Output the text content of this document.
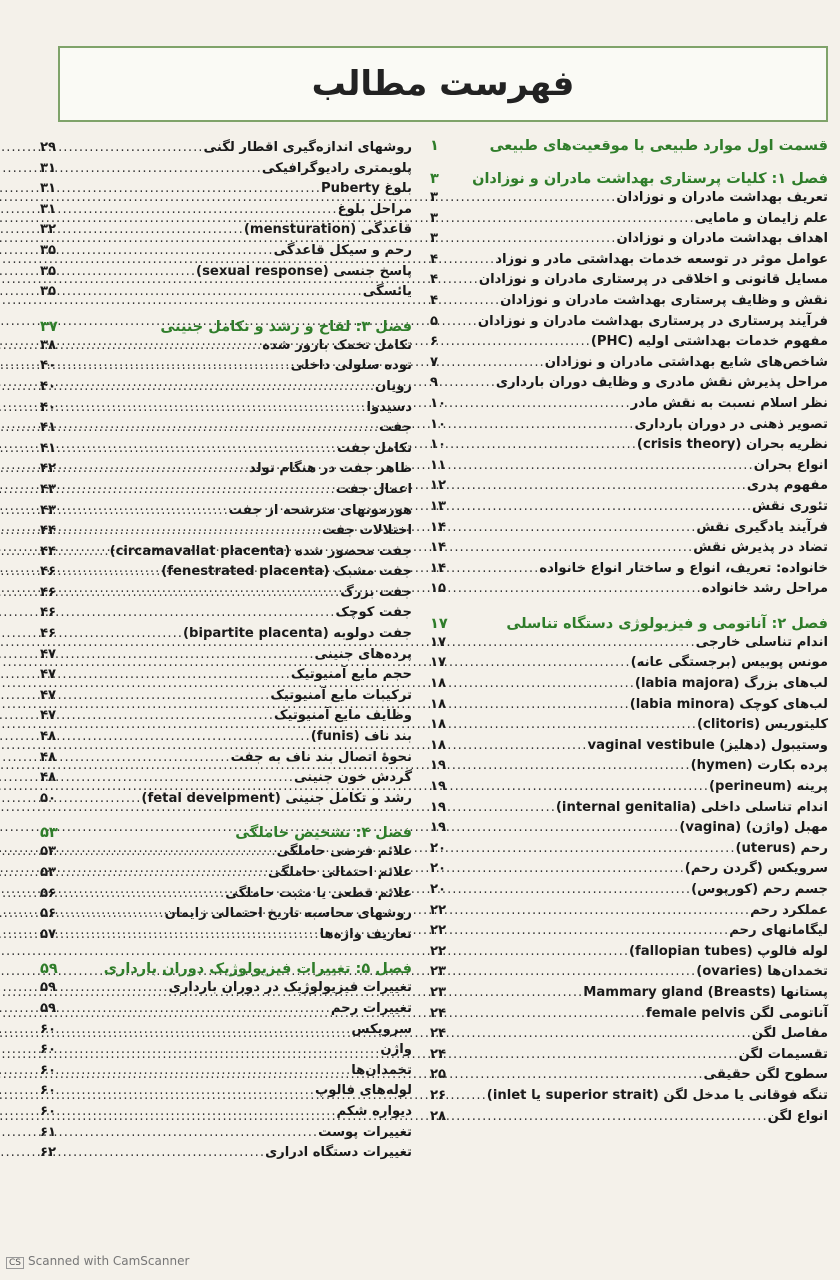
فهرست مطالب
قسمت اول موارد طبیعی با موقعیت‌های طبیعی
۱
فصل ۱: کلیات پرستاری بهداشت مادران و نوزادان
۳
تعریف بهداشت مادران و نوزادان
.....
۳
علم زایمان و مامایی
.....
۳
اهداف بهداشت مادران و نوزادان
.....
۳
عوامل موثر در توسعه خدمات بهداشتی مادر و نوزاد
.....
۴
مسایل قانونی و اخلاقی در پرستاری مادران و نوزادان
.....
۴
نقش و وظایف پرستاری بهداشت مادران و نوزادان
.....
۴
فرآیند پرستاری در پرستاری بهداشت مادران و نوزادان
.....
۵
مفهوم خدمات بهداشتی اولیه (PHC)
.....
۶
شاخص‌های شایع بهداشتی مادران و نوزادان
.....
۷
مراحل پذیرش نقش مادری و وظایف دوران بارداری
.....
۹
نظر اسلام نسبت به نقش مادر
.....
۱۰
تصویر ذهنی در دوران بارداری
.....
۱۰
نظریه بحران (crisis theory)
.....
۱۰
انواع بحران
.....
۱۱
مفهوم پدری
.....
۱۲
تئوری نقش
.....
۱۳
فرآیند یادگیری نقش
.....
۱۴
تضاد در پذیرش نقش
.....
۱۴
خانواده: تعریف، انواع و ساختار انواع خانواده
.....
۱۴
مراحل رشد خانواده
.....
۱۵
فصل ۲: آناتومی و فیزیولوژی دستگاه تناسلی
۱۷
اندام تناسلی خارجی
.....
۱۷
مونس پوبیس (برجستگی عانه)
.....
۱۷
لب‌های بزرگ (labia majora)
.....
۱۸
لب‌های کوچک (labia minora)
.....
۱۸
کلیتوریس (clitoris)
.....
۱۸
وستیبول (دهلیز) vaginal vestibule
.....
۱۸
پرده بکارت (hymen)
.....
۱۹
پرینه (perineum)
.....
۱۹
اندام تناسلی داخلی (internal genitalia)
.....
۱۹
مهبل (واژن) (vagina)
.....
۱۹
رحم (uterus)
.....
۲۰
سرویکس (گردن رحم)
.....
۲۰
جسم رحم (کورپوس)
.....
۲۰
عملکرد رحم
.....
۲۲
لیگامانهای رحم
.....
۲۲
لوله فالوپ (fallopian tubes)
.....
۲۲
تخمدان‌ها (ovaries)
.....
۲۳
پستانها (Mammary gland (Breasts
.....
۲۳
آناتومی لگن female pelvis
.....
۲۴
مفاصل لگن
.....
۲۴
تقسیمات لگن
.....
۲۴
سطوح لگن حقیقی
.....
۲۵
تنگه فوقانی یا مدخل لگن (superior strait یا inlet)
.....
۲۶
انواع لگن
.....
۲۸
روشهای اندازه‌گیری اقطار لگنی
.....
۲۹
پلویمتری رادیوگرافیکی
.....
۳۱
بلوغ Puberty
.....
۳۱
مراحل بلوغ
.....
۳۱
قاعدگی (mensturation)
.....
۳۲
رحم و سیکل قاعدگی
.....
۳۵
پاسخ جنسی (sexual response)
.....
۳۵
یائسگی
.....
۳۵
فصل ۳: لقاح و رشد و تکامل جنینی
۳۷
تکامل تخمک بارور شده
.....
۳۸
توده سلولی داخلی
.....
۴۰
رویان
.....
۴۰
دسیدوا
.....
۴۰
جفت
.....
۴۱
تکامل جفت
.....
۴۱
ظاهر جفت در هنگام تولد
.....
۴۲
اعمال جفت
.....
۴۳
هورمونهای مترشحه از جفت
.....
۴۳
اختلالات جفت
.....
۴۴
جفت محصور شده (circamavallat placenta)
.....
۴۴
جفت مشبک (fenestrated placenta)
.....
۴۶
جفت بزرگ
.....
۴۶
جفت کوچک
.....
۴۶
جفت دولوبه (bipartite placenta)
.....
۴۶
پرده‌های جنینی
.....
۴۷
حجم مایع آمنیوتیک
.....
۴۷
ترکیبات مایع آمنیوتیک
.....
۴۷
وظایف مایع آمنیوتیک
.....
۴۷
بند ناف (funis)
.....
۴۸
نحوهٔ اتصال بند ناف به جفت
.....
۴۸
گردش خون جنینی
.....
۴۸
رشد و تکامل جنینی (fetal develpment)
.....
۵۰
فصل ۴: تشخیص حاملگی
۵۳
علائم فرضی حاملگی
.....
۵۳
علائم احتمالی حاملگی
.....
۵۳
علائم قطعی یا مثبت حاملگی
.....
۵۶
روشهای محاسبه تاریخ احتمالی زایمان
.....
۵۶
تعاریف واژه‌ها
.....
۵۷
فصل ۵: تغییرات فیزیولوژیک دوران بارداری
۵۹
تغییرات فیزیولوژیک در دوران بارداری
.....
۵۹
تغییرات رحم
.....
۵۹
سرویکس
.....
۶۰
واژن
.....
۶۰
تخمدان‌ها
.....
۶۰
لوله‌های فالوپ
.....
۶۰
دیواره شکم
.....
۶۰
تغییرات پوست
.....
۶۱
تغییرات دستگاه ادراری
.....
۶۲
CS Scanned with CamScanner
